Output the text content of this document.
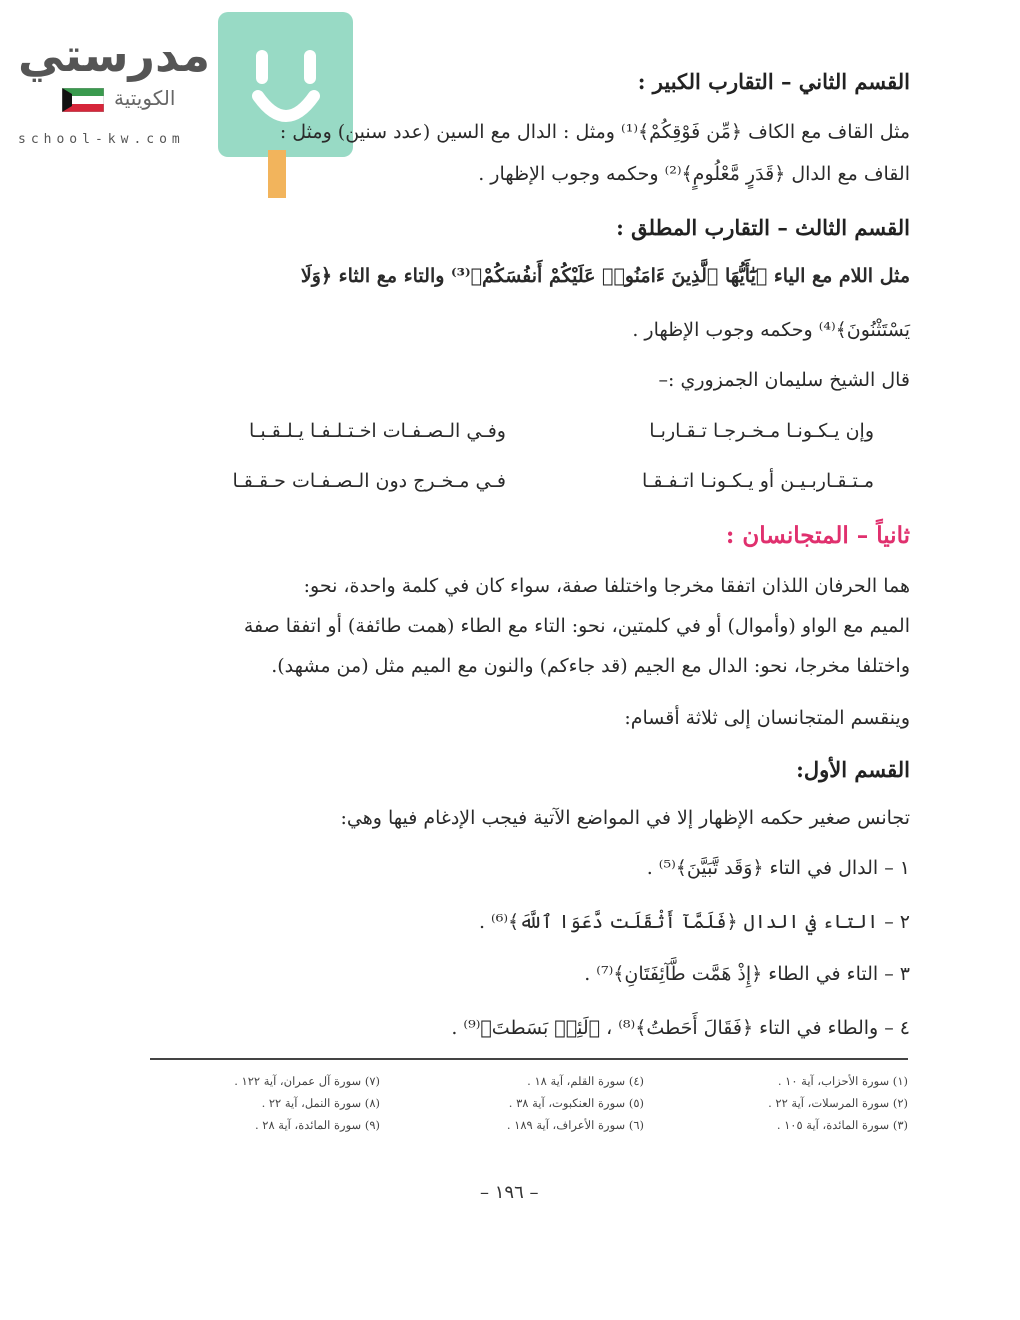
مدرستي
الكويتية
school-kw.com
القسم الثاني – التقارب الكبير :
مثل القاف مع الكاف ﴿مِّن فَوْقِكُمْ﴾⁽¹⁾ ومثل : الدال مع السين (عدد سنين) ومثل :
القاف مع الدال ﴿قَدَرٍ مَّعْلُومٍ﴾⁽²⁾ وحكمه وجوب الإظهار .
القسم الثالث – التقارب المطلق :
مثل اللام مع الياء ﴿يَٰٓأَيُّهَا ٱلَّذِينَ ءَامَنُوا۟ عَلَيْكُمْ أَنفُسَكُمْ﴾⁽³⁾ والتاء مع الثاء ﴿وَلَا
يَسْتَثْنُونَ﴾⁽⁴⁾ وحكمه وجوب الإظهار .
قال الشيخ سليمان الجمزوري :–
ثانياً – المتجانسان :
هما الحرفان اللذان اتفقا مخرجا واختلفا صفة، سواء كان في كلمة واحدة، نحو:
الميم مع الواو (وأموال) أو في كلمتين، نحو: التاء مع الطاء (همت طائفة) أو اتفقا صفة
واختلفا مخرجا، نحو: الدال مع الجيم (قد جاءكم) والنون مع الميم مثل (من مشهد).
وينقسم المتجانسان إلى ثلاثة أقسام:
القسم الأول:
تجانس صغير حكمه الإظهار إلا في المواضع الآتية فيجب الإدغام فيها وهي:
١ – الدال في التاء ﴿وَقَد تَّبَيَّنَ﴾⁽⁵⁾ .
٢ – التاء في الدال ﴿فَلَمَّآ أَثْقَلَت دَّعَوَا ٱللَّهَ﴾⁽⁶⁾ .
٣ – التاء في الطاء ﴿إِذْ هَمَّت طَّآئِفَتَانِ﴾⁽⁷⁾ .
٤ – والطاء في التاء ﴿فَقَالَ أَحَطتُ﴾⁽⁸⁾ ، ﴿لَئِنۢ بَسَطتَ﴾⁽⁹⁾ .
وإن يـكـونـا مـخـرجـا تـقـاربـا
وفـي الـصـفـات اخـتـلـفـا يـلـقـبـا
مـتـقـاربـيـن أو يـكـونـا اتـفـقـا
فـي مـخـرج دون الـصـفـات حـقـقـا
(١) سورة الأحزاب، آية ١٠ .
(٢) سورة المرسلات، آية ٢٢ .
(٣) سورة المائدة، آية ١٠٥ .
(٤) سورة القلم، آية ١٨ .
(٥) سورة العنكبوت، آية ٣٨ .
(٦) سورة الأعراف، آية ١٨٩ .
(٧) سورة آل عمران، آية ١٢٢ .
(٨) سورة النمل، آية ٢٢ .
(٩) سورة المائدة، آية ٢٨ .
– ١٩٦ –
